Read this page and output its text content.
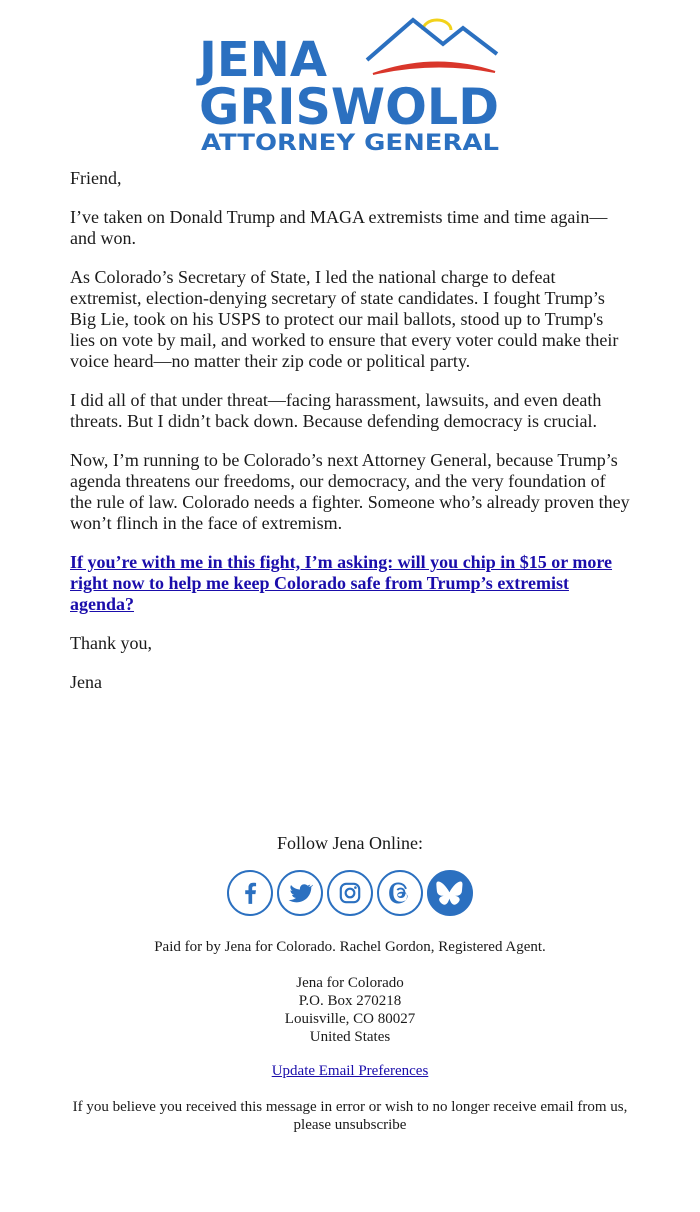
JENA
GRISWOLD
ATTORNEY GENERAL

Friend,

I’ve taken on Donald Trump and MAGA extremists time and time again—and won.

As Colorado’s Secretary of State, I led the national charge to defeat extremist, election-denying secretary of state candidates. I fought Trump’s Big Lie, took on his USPS to protect our mail ballots, stood up to Trump's lies on vote by mail, and worked to ensure that every voter could make their voice heard—no matter their zip code or political party.

I did all of that under threat—facing harassment, lawsuits, and even death threats. But I didn’t back down. Because defending democracy is crucial.

Now, I’m running to be Colorado’s next Attorney General, because Trump’s agenda threatens our freedoms, our democracy, and the very foundation of the rule of law. Colorado needs a fighter. Someone who’s already proven they won’t flinch in the face of extremism.

If you’re with me in this fight, I’m asking: will you chip in $15 or more right now to help me keep Colorado safe from Trump’s extremist agenda?

Thank you,

Jena

Follow Jena Online:
Paid for by Jena for Colorado. Rachel Gordon, Registered Agent.
Jena for Colorado
P.O. Box 270218
Louisville, CO 80027
United States
Update Email Preferences
If you believe you received this message in error or wish to no longer receive email from us, please unsubscribe
